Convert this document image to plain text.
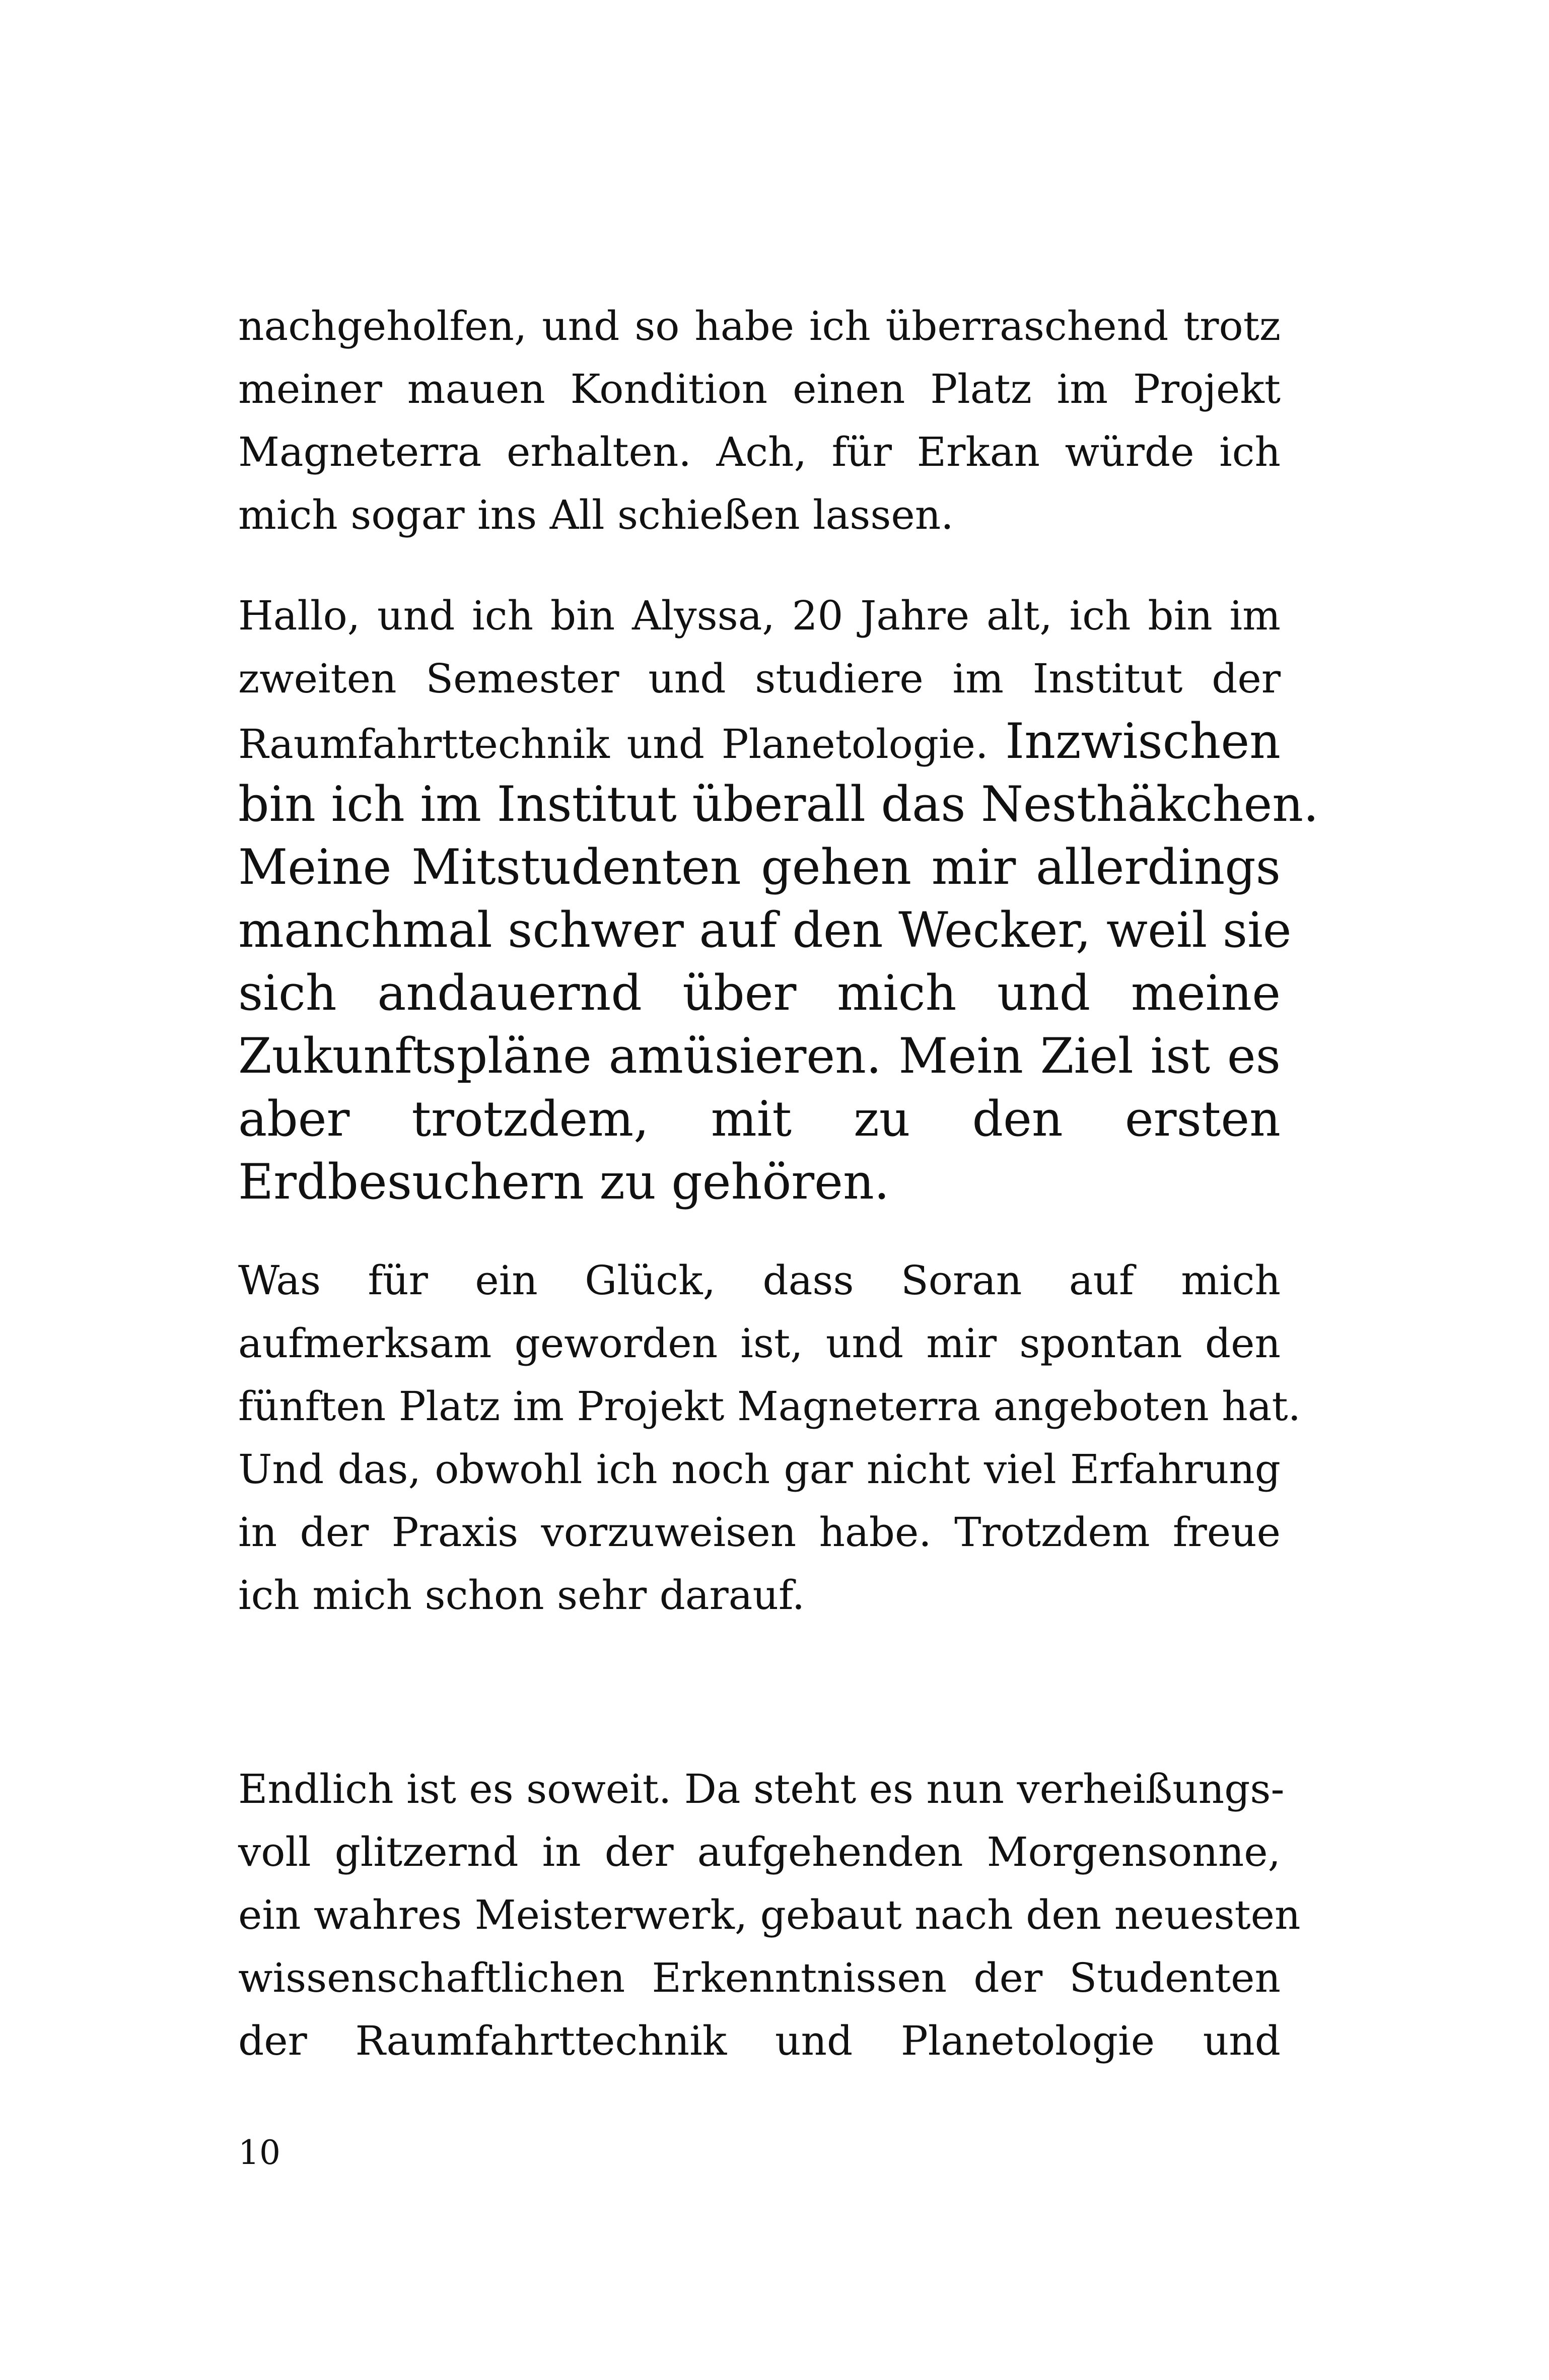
nachgeholfen, und so habe ich überraschend trotz
meiner mauen Kondition einen Platz im Projekt
Magneterra erhalten. Ach, für Erkan würde ich
mich sogar ins All schießen lassen.
Hallo, und ich bin Alyssa, 20 Jahre alt, ich bin im
zweiten Semester und studiere im Institut der
Raumfahrttechnik und Planetologie. Inzwischen
bin ich im Institut überall das Nesthäkchen.
Meine Mitstudenten gehen mir allerdings
manchmal schwer auf den Wecker, weil sie
sich andauernd über mich und meine
Zukunftspläne amüsieren. Mein Ziel ist es
aber trotzdem, mit zu den ersten
Erdbesuchern zu gehören.
Was für ein Glück, dass Soran auf mich
aufmerksam geworden ist, und mir spontan den
fünften Platz im Projekt Magneterra angeboten hat.
Und das, obwohl ich noch gar nicht viel Erfahrung
in der Praxis vorzuweisen habe. Trotzdem freue
ich mich schon sehr darauf.
Endlich ist es soweit. Da steht es nun verheißungs-
voll glitzernd in der aufgehenden Morgensonne,
ein wahres Meisterwerk, gebaut nach den neuesten
wissenschaftlichen Erkenntnissen der Studenten
der Raumfahrttechnik und Planetologie und
10
